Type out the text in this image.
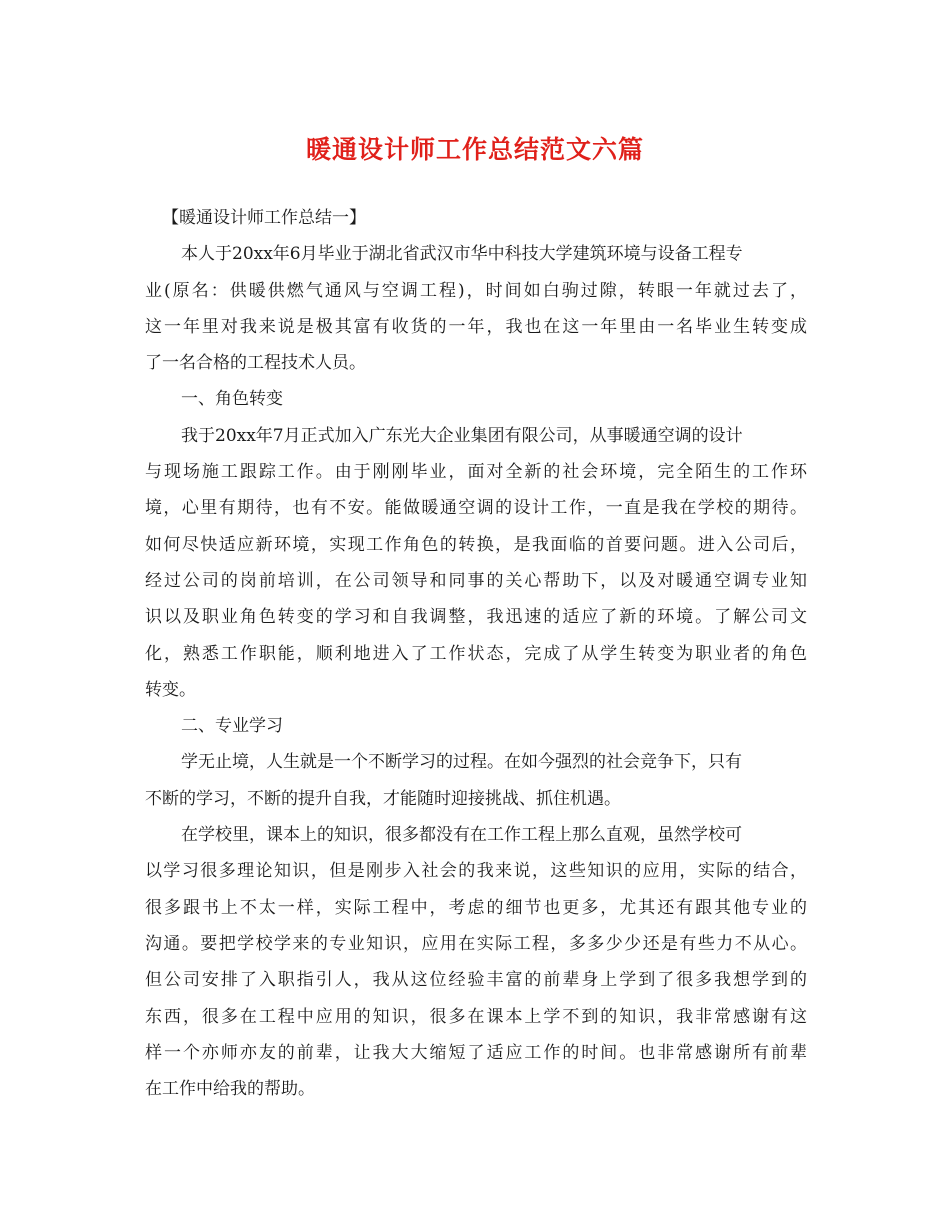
暖通设计师工作总结范文六篇
【暖通设计师工作总结一】
本人于20xx年6月毕业于湖北省武汉市华中科技大学建筑环境与设备工程专
业(原名：供暖供燃气通风与空调工程)，时间如白驹过隙，转眼一年就过去了，
这一年里对我来说是极其富有收货的一年，我也在这一年里由一名毕业生转变成
了一名合格的工程技术人员。
一、角色转变
我于20xx年7月正式加入广东光大企业集团有限公司，从事暖通空调的设计
与现场施工跟踪工作。由于刚刚毕业，面对全新的社会环境，完全陌生的工作环
境，心里有期待，也有不安。能做暖通空调的设计工作，一直是我在学校的期待。
如何尽快适应新环境，实现工作角色的转换，是我面临的首要问题。进入公司后，
经过公司的岗前培训，在公司领导和同事的关心帮助下，以及对暖通空调专业知
识以及职业角色转变的学习和自我调整，我迅速的适应了新的环境。了解公司文
化，熟悉工作职能，顺利地进入了工作状态，完成了从学生转变为职业者的角色
转变。
二、专业学习
学无止境，人生就是一个不断学习的过程。在如今强烈的社会竞争下，只有
不断的学习，不断的提升自我，才能随时迎接挑战、抓住机遇。
在学校里，课本上的知识，很多都没有在工作工程上那么直观，虽然学校可
以学习很多理论知识，但是刚步入社会的我来说，这些知识的应用，实际的结合，
很多跟书上不太一样，实际工程中，考虑的细节也更多，尤其还有跟其他专业的
沟通。要把学校学来的专业知识，应用在实际工程，多多少少还是有些力不从心。
但公司安排了入职指引人，我从这位经验丰富的前辈身上学到了很多我想学到的
东西，很多在工程中应用的知识，很多在课本上学不到的知识，我非常感谢有这
样一个亦师亦友的前辈，让我大大缩短了适应工作的时间。也非常感谢所有前辈
在工作中给我的帮助。
